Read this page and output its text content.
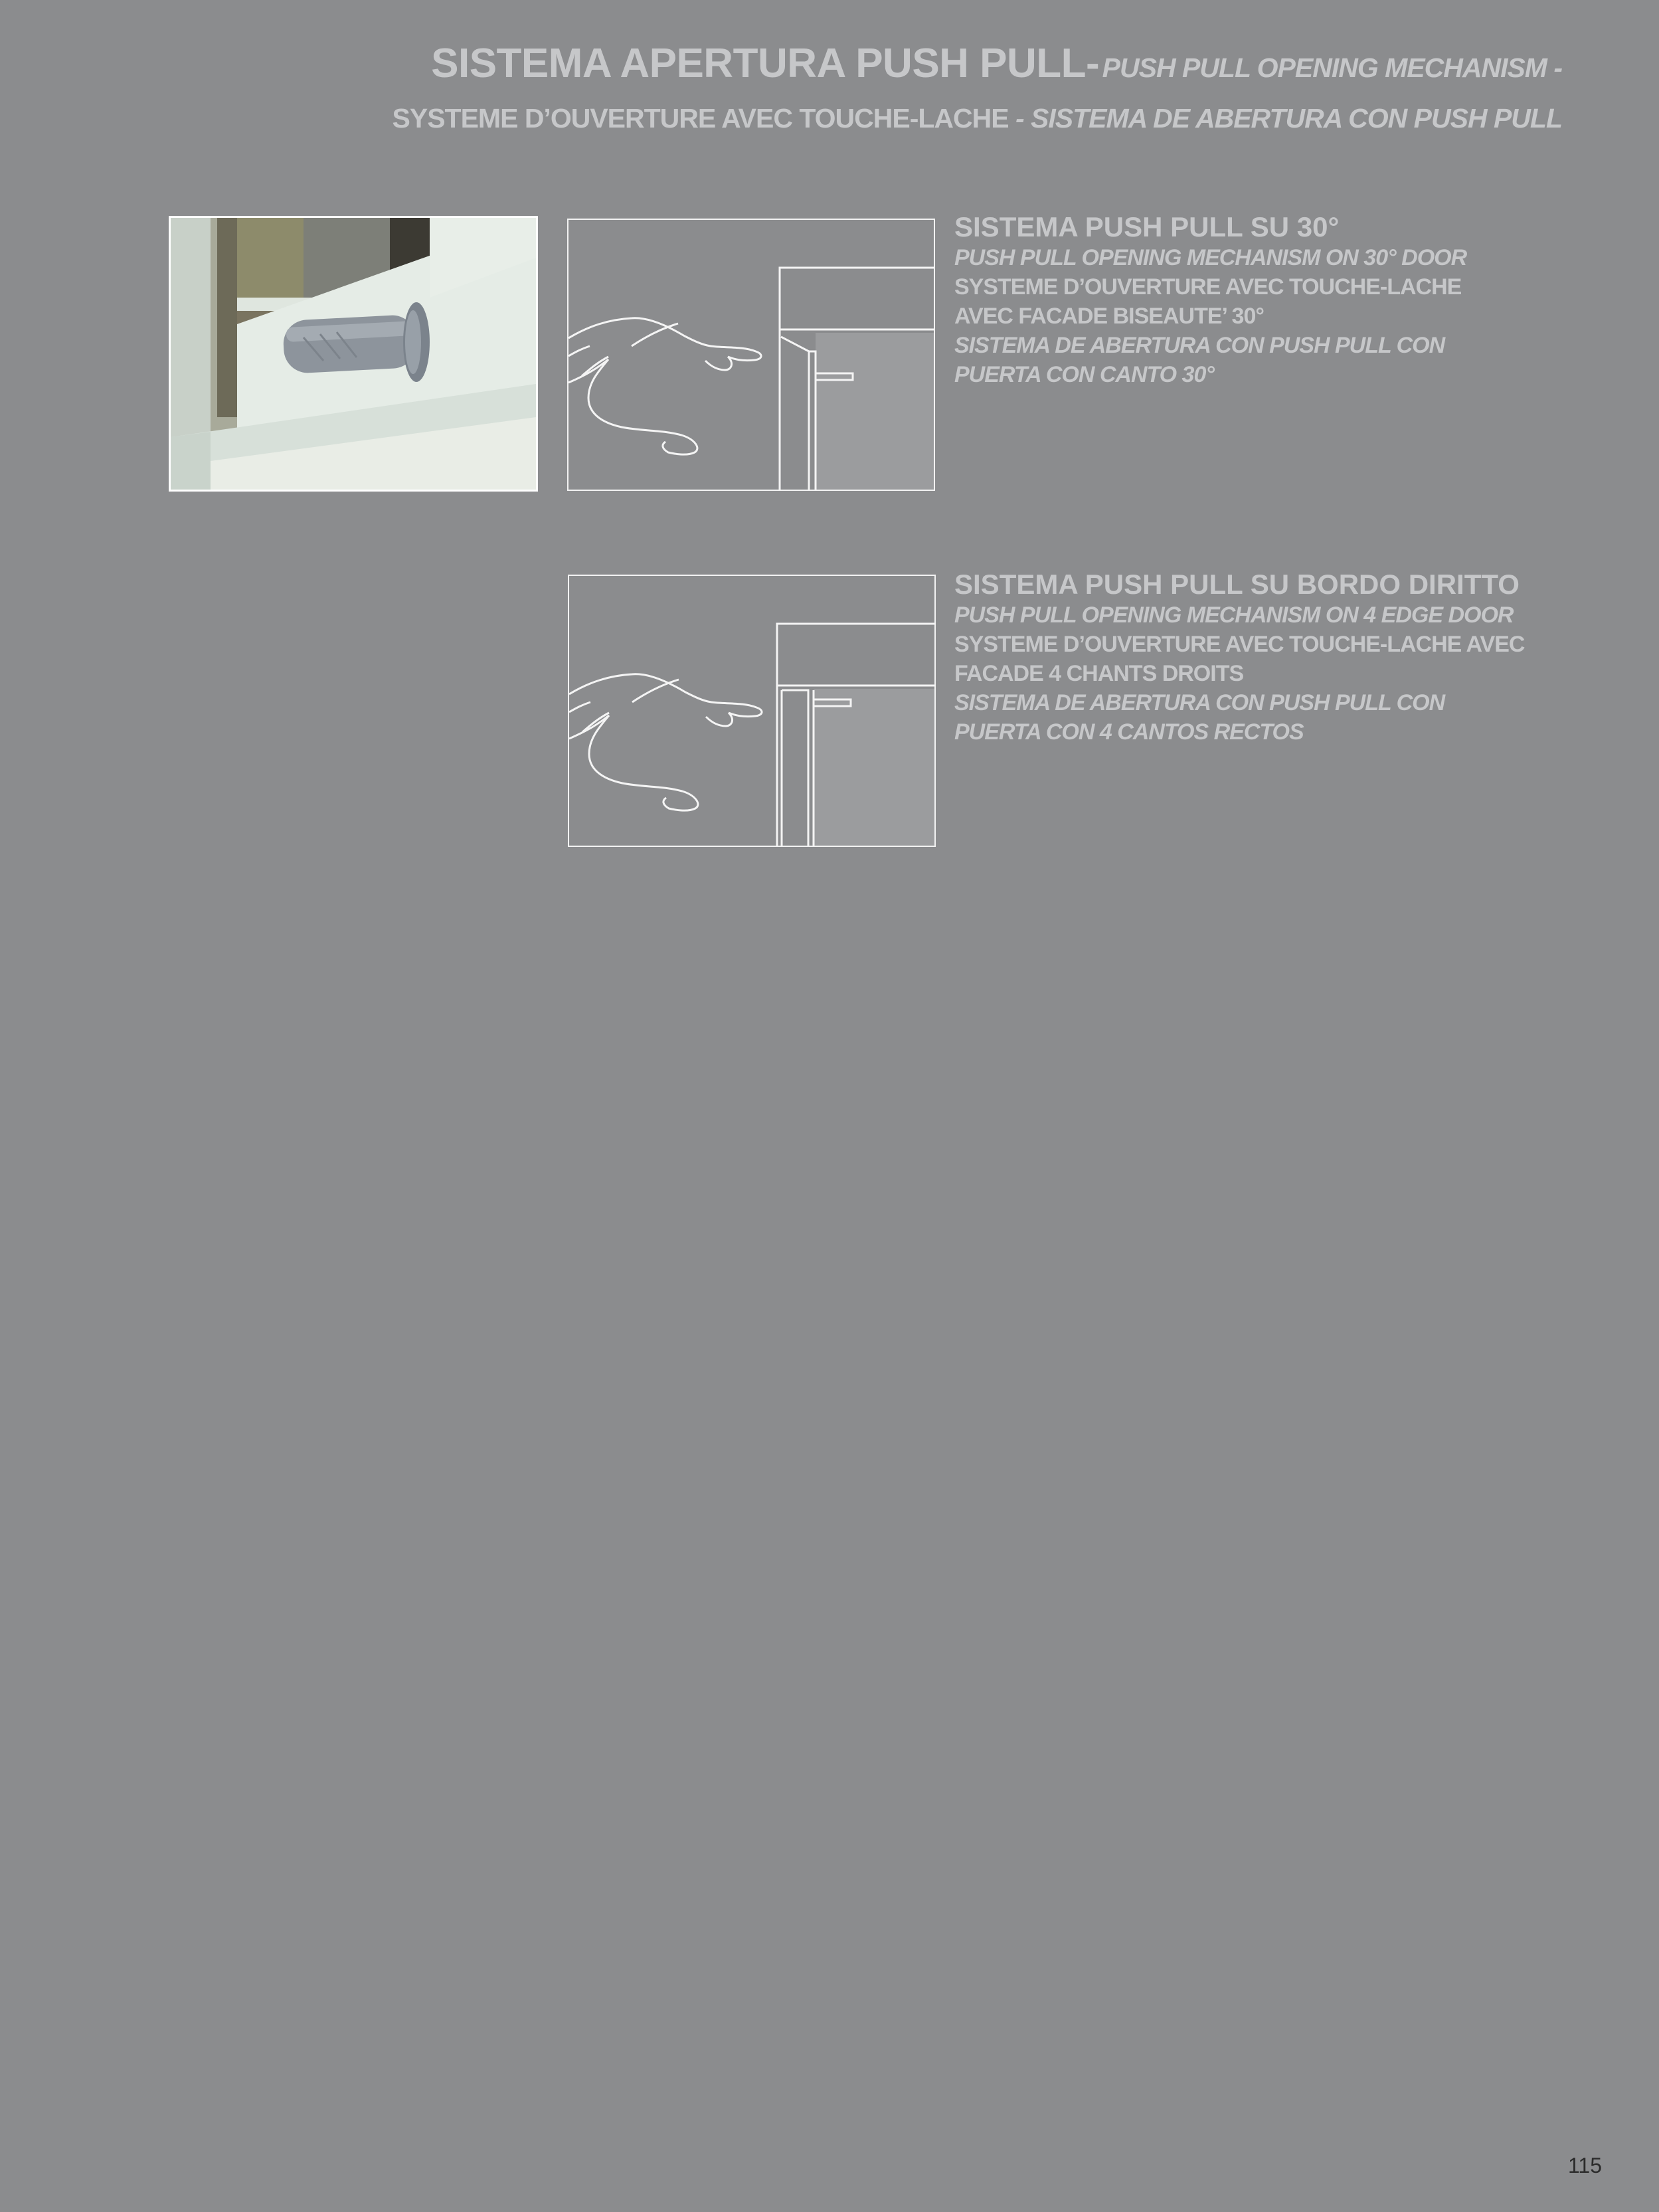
SISTEMA APERTURA PUSH PULL- PUSH PULL OPENING MECHANISM -
SYSTEME D’OUVERTURE AVEC TOUCHE-LACHE - SISTEMA DE ABERTURA CON PUSH PULL
SISTEMA PUSH PULL SU 30°
PUSH PULL OPENING MECHANISM ON 30° DOOR
SYSTEME D’OUVERTURE AVEC TOUCHE-LACHE
AVEC FACADE BISEAUTE’ 30°
SISTEMA DE ABERTURA CON PUSH PULL CON
PUERTA CON CANTO 30°
SISTEMA PUSH PULL SU BORDO DIRITTO
PUSH PULL OPENING MECHANISM ON 4 EDGE DOOR
SYSTEME D’OUVERTURE AVEC TOUCHE-LACHE AVEC
FACADE 4 CHANTS DROITS
SISTEMA DE ABERTURA CON PUSH PULL CON
PUERTA CON 4 CANTOS RECTOS
115
